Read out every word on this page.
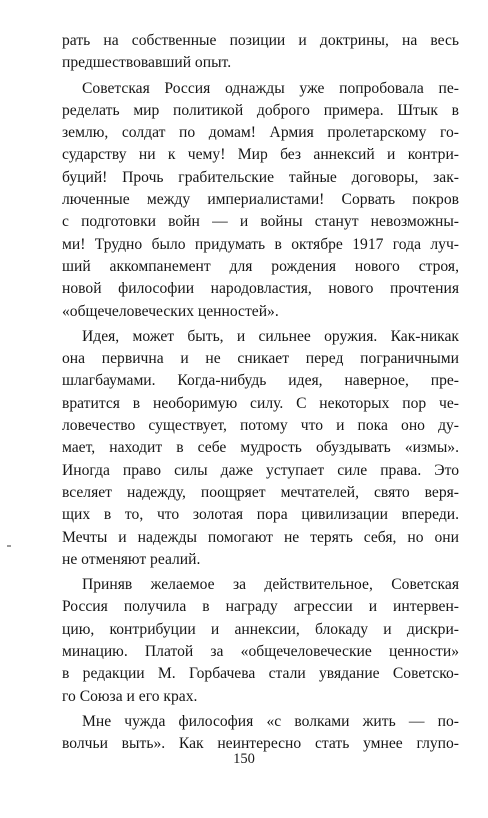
рать на собственные позиции и доктрины, на весь
предшествовавший опыт.
Советская Россия однажды уже попробовала пе-
ределать мир политикой доброго примера. Штык в
землю, солдат по домам! Армия пролетарскому го-
сударству ни к чему! Мир без аннексий и контри-
буций! Прочь грабительские тайные договоры, зак-
люченные между империалистами! Сорвать покров
с подготовки войн — и войны станут невозможны-
ми! Трудно было придумать в октябре 1917 года луч-
ший аккомпанемент для рождения нового строя,
новой философии народовластия, нового прочтения
«общечеловеческих ценностей».
Идея, может быть, и сильнее оружия. Как-никак
она первична и не сникает перед пограничными
шлагбаумами. Когда-нибудь идея, наверное, пре-
вратится в необоримую силу. С некоторых пор че-
ловечество существует, потому что и пока оно ду-
мает, находит в себе мудрость обуздывать «измы».
Иногда право силы даже уступает силе права. Это
вселяет надежду, поощряет мечтателей, свято веря-
щих в то, что золотая пора цивилизации впереди.
Мечты и надежды помогают не терять себя, но они
не отменяют реалий.
Приняв желаемое за действительное, Советская
Россия получила в награду агрессии и интервен-
цию, контрибуции и аннексии, блокаду и дискри-
минацию. Платой за «общечеловеческие ценности»
в редакции М. Горбачева стали увядание Советско-
го Союза и его крах.
Мне чужда философия «с волками жить — по-
волчьи выть». Как неинтересно стать умнее глупо-
150
